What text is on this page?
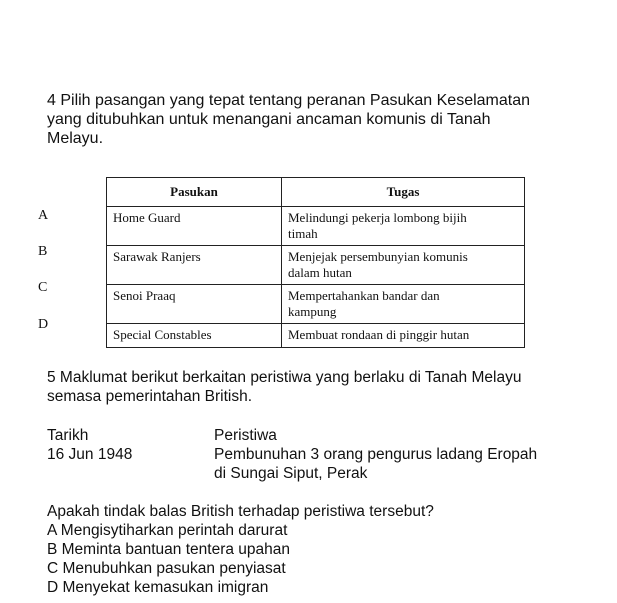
4 Pilih pasangan yang tepat tentang peranan Pasukan Keselamatan
yang ditubuhkan untuk menangani ancaman komunis di Tanah
Melayu.
A
B
C
D
Pasukan	Tugas
Home Guard	Melindungi pekerja lombong bijih
timah

Sarawak Ranjers	Menjejak persembunyian komunis
dalam hutan

Senoi Praaq	Mempertahankan bandar dan
kampung

Special Constables	Membuat rondaan di pinggir hutan
5 Maklumat berikut berkaitan peristiwa yang berlaku di Tanah Melayu
semasa pemerintahan British.
Tarikh	Peristiwa
16 Jun 1948	Pembunuhan 3 orang pengurus ladang Eropah
di Sungai Siput, Perak
Apakah tindak balas British terhadap peristiwa tersebut?
A Mengisytiharkan perintah darurat
B Meminta bantuan tentera upahan
C Menubuhkan pasukan penyiasat
D Menyekat kemasukan imigran
